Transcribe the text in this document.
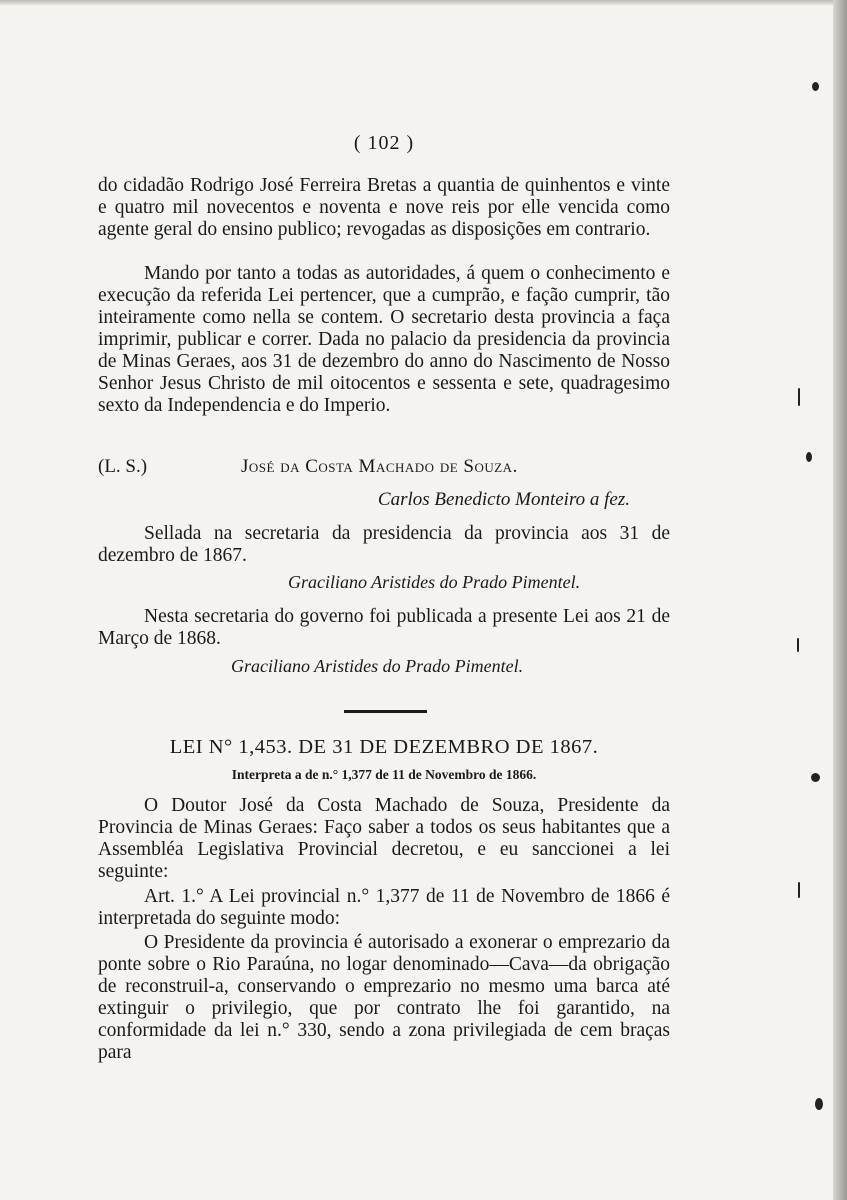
( 102 )

do cidadão Rodrigo José Ferreira Bretas a quantia de quinhentos e vinte e quatro mil novecentos e noventa e nove reis por elle vencida como agente geral do ensino publico; revogadas as disposições em contrario.

Mando por tanto a todas as autoridades, á quem o conhecimento e execução da referida Lei pertencer, que a cumprão, e fação cumprir, tão inteiramente como nella se contem. O secretario desta provincia a faça imprimir, publicar e correr. Dada no palacio da presidencia da provincia de Minas Geraes, aos 31 de dezembro do anno do Nascimento de Nosso Senhor Jesus Christo de mil oitocentos e sessenta e sete, quadragesimo sexto da Independencia e do Imperio.

(L. S.)	José da Costa Machado de Souza.
Carlos Benedicto Monteiro a fez.

Sellada na secretaria da presidencia da provincia aos 31 de dezembro de 1867.

Graciliano Aristides do Prado Pimentel.

Nesta secretaria do governo foi publicada a presente Lei aos 21 de Março de 1868.

Graciliano Aristides do Prado Pimentel.
LEI N° 1,453. DE 31 DE DEZEMBRO DE 1867.
Interpreta a de n.° 1,377 de 11 de Novembro de 1866.

O Doutor José da Costa Machado de Souza, Presidente da Provincia de Minas Geraes: Faço saber a todos os seus habitantes que a Assembléa Legislativa Provincial decretou, e eu sanccionei a lei seguinte:

Art. 1.° A Lei provincial n.° 1,377 de 11 de Novembro de 1866 é interpretada do seguinte modo:

O Presidente da provincia é autorisado a exonerar o emprezario da ponte sobre o Rio Paraúna, no logar denominado—Cava—da obrigação de reconstruil-a, conservando o emprezario no mesmo uma barca até extinguir o privilegio, que por contrato lhe foi garantido, na conformidade da lei n.° 330, sendo a zona privilegiada de cem braças para
